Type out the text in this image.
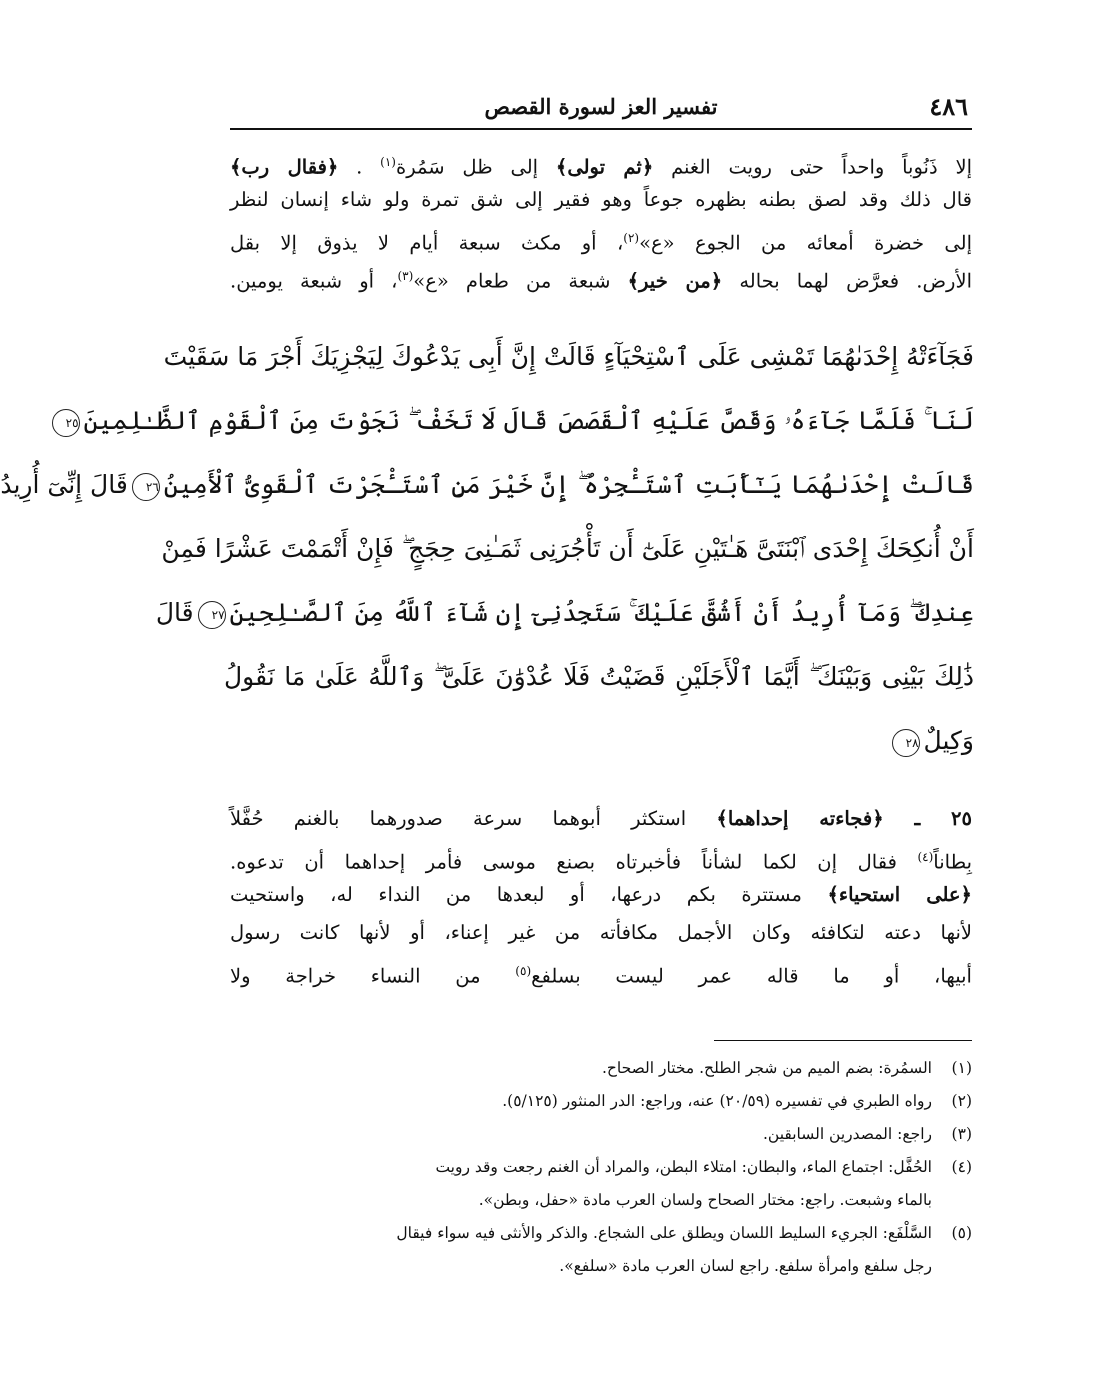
٤٨٦
تفسير العز لسورة القصص
إلا ذَنُوباً واحداً حتى رويت الغنم ﴿ثم تولى﴾ إلى ظل سَمُرة$^{(١)}$ . ﴿فقال رب﴾
قال ذلك وقد لصق بطنه بظهره جوعاً وهو فقير إلى شق تمرة ولو شاء إنسان لنظر
إلى خضرة أمعائه من الجوع «ع»$^{(٢)}$، أو مكث سبعة أيام لا يذوق إلا بقل
الأرض. فعرَّض لهما بحاله ﴿من خير﴾ شبعة من طعام «ع»$^{(٣)}$، أو شبعة يومين.
فَجَآءَتْهُ إِحْدَىٰهُمَا تَمْشِى عَلَى ٱسْتِحْيَآءٍ قَالَتْ إِنَّ أَبِى يَدْعُوكَ لِيَجْزِيَكَ أَجْرَ مَا سَقَيْتَ
لَنَا ۚ فَلَمَّا جَآءَهُۥ وَقَصَّ عَلَيْهِ ٱلْقَصَصَ قَالَ لَا تَخَفْ ۖ نَجَوْتَ مِنَ ٱلْقَوْمِ ٱلظَّـٰلِمِينَ٢٥
قَالَتْ إِحْدَىٰهُمَا يَـٰٓأَبَتِ ٱسْتَـْٔجِرْهُ ۖ إِنَّ خَيْرَ مَنِ ٱسْتَـْٔجَرْتَ ٱلْقَوِىُّ ٱلْأَمِينُ٢٦قَالَ إِنِّىٓ أُرِيدُ
أَنْ أُنكِحَكَ إِحْدَى ٱبْنَتَىَّ هَـٰتَيْنِ عَلَىٰٓ أَن تَأْجُرَنِى ثَمَـٰنِىَ حِجَجٍ ۖ فَإِنْ أَتْمَمْتَ عَشْرًا فَمِنْ
عِندِكَ ۖ وَمَآ أُرِيدُ أَنْ أَشُقَّ عَلَيْكَ ۚ سَتَجِدُنِىٓ إِن شَآءَ ٱللَّهُ مِنَ ٱلصَّـٰلِحِينَ٢٧قَالَ
ذَٰلِكَ بَيْنِى وَبَيْنَكَ ۖ أَيَّمَا ٱلْأَجَلَيْنِ قَضَيْتُ فَلَا عُدْوَٰنَ عَلَىَّ ۖ وَٱللَّهُ عَلَىٰ مَا نَقُولُ
وَكِيلٌ٢٨
٢٥ ـ ﴿فجاءته إحداهما﴾ استكثر أبوهما سرعة صدورهما بالغنم حُفَّلاً
بِطاناً$^{(٤)}$ فقال إن لكما لشأناً فأخبرتاه بصنع موسى فأمر إحداهما أن تدعوه.
﴿على استحياء﴾ مستترة بكم درعها، أو لبعدها من النداء له، واستحيت
لأنها دعته لتكافئه وكان الأجمل مكافأته من غير إعناء، أو لأنها كانت رسول
أبيها، أو ما قاله عمر ليست بسلفع$^{(٥)}$ من النساء خراجة ولا
(١)
السمُرة: بضم الميم من شجر الطلح. مختار الصحاح.
(٢)
رواه الطبري في تفسيره (٢٠/٥٩) عنه، وراجع: الدر المنثور (٥/١٢٥).
(٣)
راجع: المصدرين السابقين.
(٤)
الحُفَّل: اجتماع الماء، والبطان: امتلاء البطن، والمراد أن الغنم رجعت وقد رويت
بالماء وشبعت. راجع: مختار الصحاح ولسان العرب مادة «حفل، وبطن».
(٥)
السَّلْفَع: الجريء السليط اللسان ويطلق على الشجاع. والذكر والأنثى فيه سواء فيقال
رجل سلفع وامرأة سلفع. راجع لسان العرب مادة «سلفع».
